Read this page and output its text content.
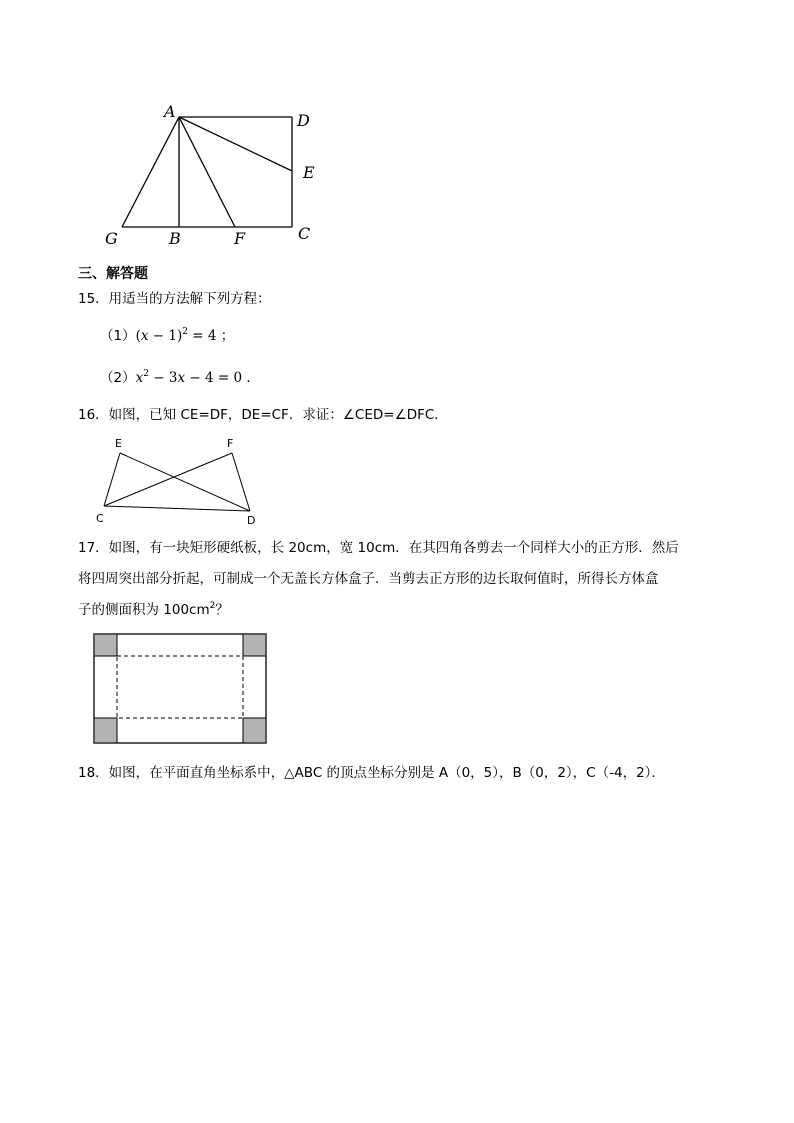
A	D
E
G	B	F	C
三、解答题
15．用适当的方法解下列方程：
$(1)(x - 1)^2 = 4$ ；
$(2)x^2 - 3x - 4 = 0$ ．
16．如图，已知 CE=DF，DE=CF．求证：∠CED=∠DFC．
E	F
C	D
17．如图，有一块矩形硬纸板，长 20cm，宽 10cm．在其四角各剪去一个同样大小的正方形．然后
将四周突出部分折起，可制成一个无盖长方体盒子．当剪去正方形的边长取何值时，所得长方体盒
子的侧面积为 $100cm^2$？
18．如图，在平面直角坐标系中，△ABC 的顶点坐标分别是 A（0，5），B（0，2），C（-4，2）．
